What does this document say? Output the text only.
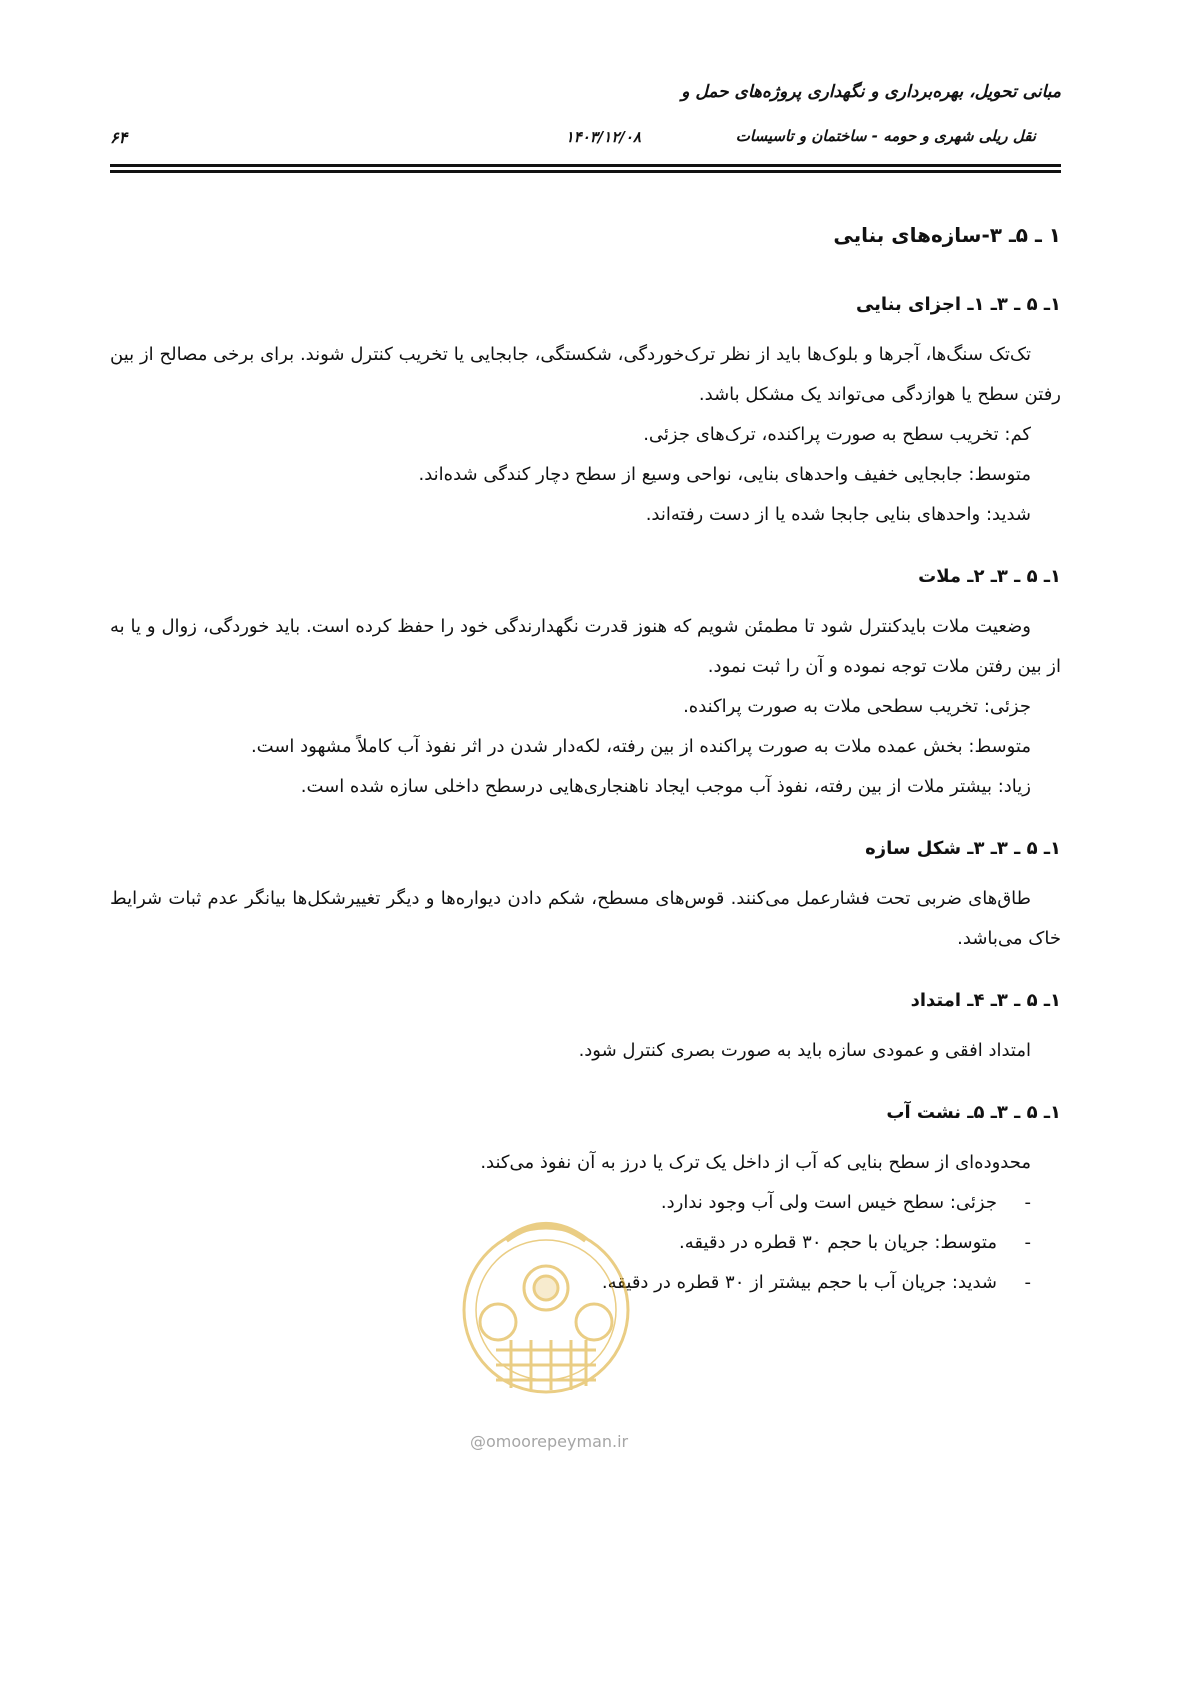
مبانی تحویل، بهره‌برداری و نگهداری پروژه‌های حمل و
نقل ریلی شهری و حومه - ساختمان و تاسیسات
۱۴۰۳/۱۲/۰۸
۶۴
۱ ـ ۵ـ ۳-سازه‌های بنایی
۱ـ ۵ ـ ۳ـ ۱ـ اجزای بنایی

تک‌تک سنگ‌ها، آجرها و بلوک‌ها باید از نظر ترک‌خوردگی، شکستگی، جابجایی یا تخریب کنترل شوند. برای برخی مصالح از بین رفتن سطح یا هوازدگی می‌تواند یک مشکل باشد.

کم: تخریب سطح به صورت پراکنده، ترک‌های جزئی.
متوسط: جابجایی خفیف واحدهای بنایی، نواحی وسیع از سطح دچار کندگی شده‌اند.
شدید: واحدهای بنایی جابجا شده یا از دست رفته‌اند.
۱ـ ۵ ـ ۳ـ ۲ـ ملات

وضعیت ملات بایدکنترل شود تا مطمئن شویم که هنوز قدرت نگهدارندگی خود را حفظ کرده است. باید خوردگی، زوال و یا به از بین رفتن ملات توجه نموده و آن را ثبت نمود.

جزئی: تخریب سطحی ملات به صورت پراکنده.
متوسط: بخش عمده ملات به صورت پراکنده از بین رفته، لکه‌دار شدن در اثر نفوذ آب کاملاً مشهود است.
زیاد: بیشتر ملات از بین رفته، نفوذ آب موجب ایجاد ناهنجاری‌هایی درسطح داخلی سازه شده است.
۱ـ ۵ ـ ۳ـ ۳ـ شکل سازه

طاق‌های ضربی تحت فشارعمل می‌کنند. قوس‌های مسطح، شکم دادن دیواره‌ها و دیگر تغییرشکل‌ها بیانگر عدم ثبات شرایط خاک می‌باشد.

۱ـ ۵ ـ ۳ـ ۴ـ امتداد

امتداد افقی و عمودی سازه باید به صورت بصری کنترل شود.

۱ـ ۵ ـ ۳ـ ۵ـ نشت آب

محدوده‌ای از سطح بنایی که آب از داخل یک ترک یا درز به آن نفوذ می‌کند.

-جزئی: سطح خیس است ولی آب وجود ندارد.
-متوسط: جریان با حجم ۳۰ قطره در دقیقه.
-شدید: جریان آب با حجم بیشتر از ۳۰ قطره در دقیقه.
@omoorepeyman.ir
